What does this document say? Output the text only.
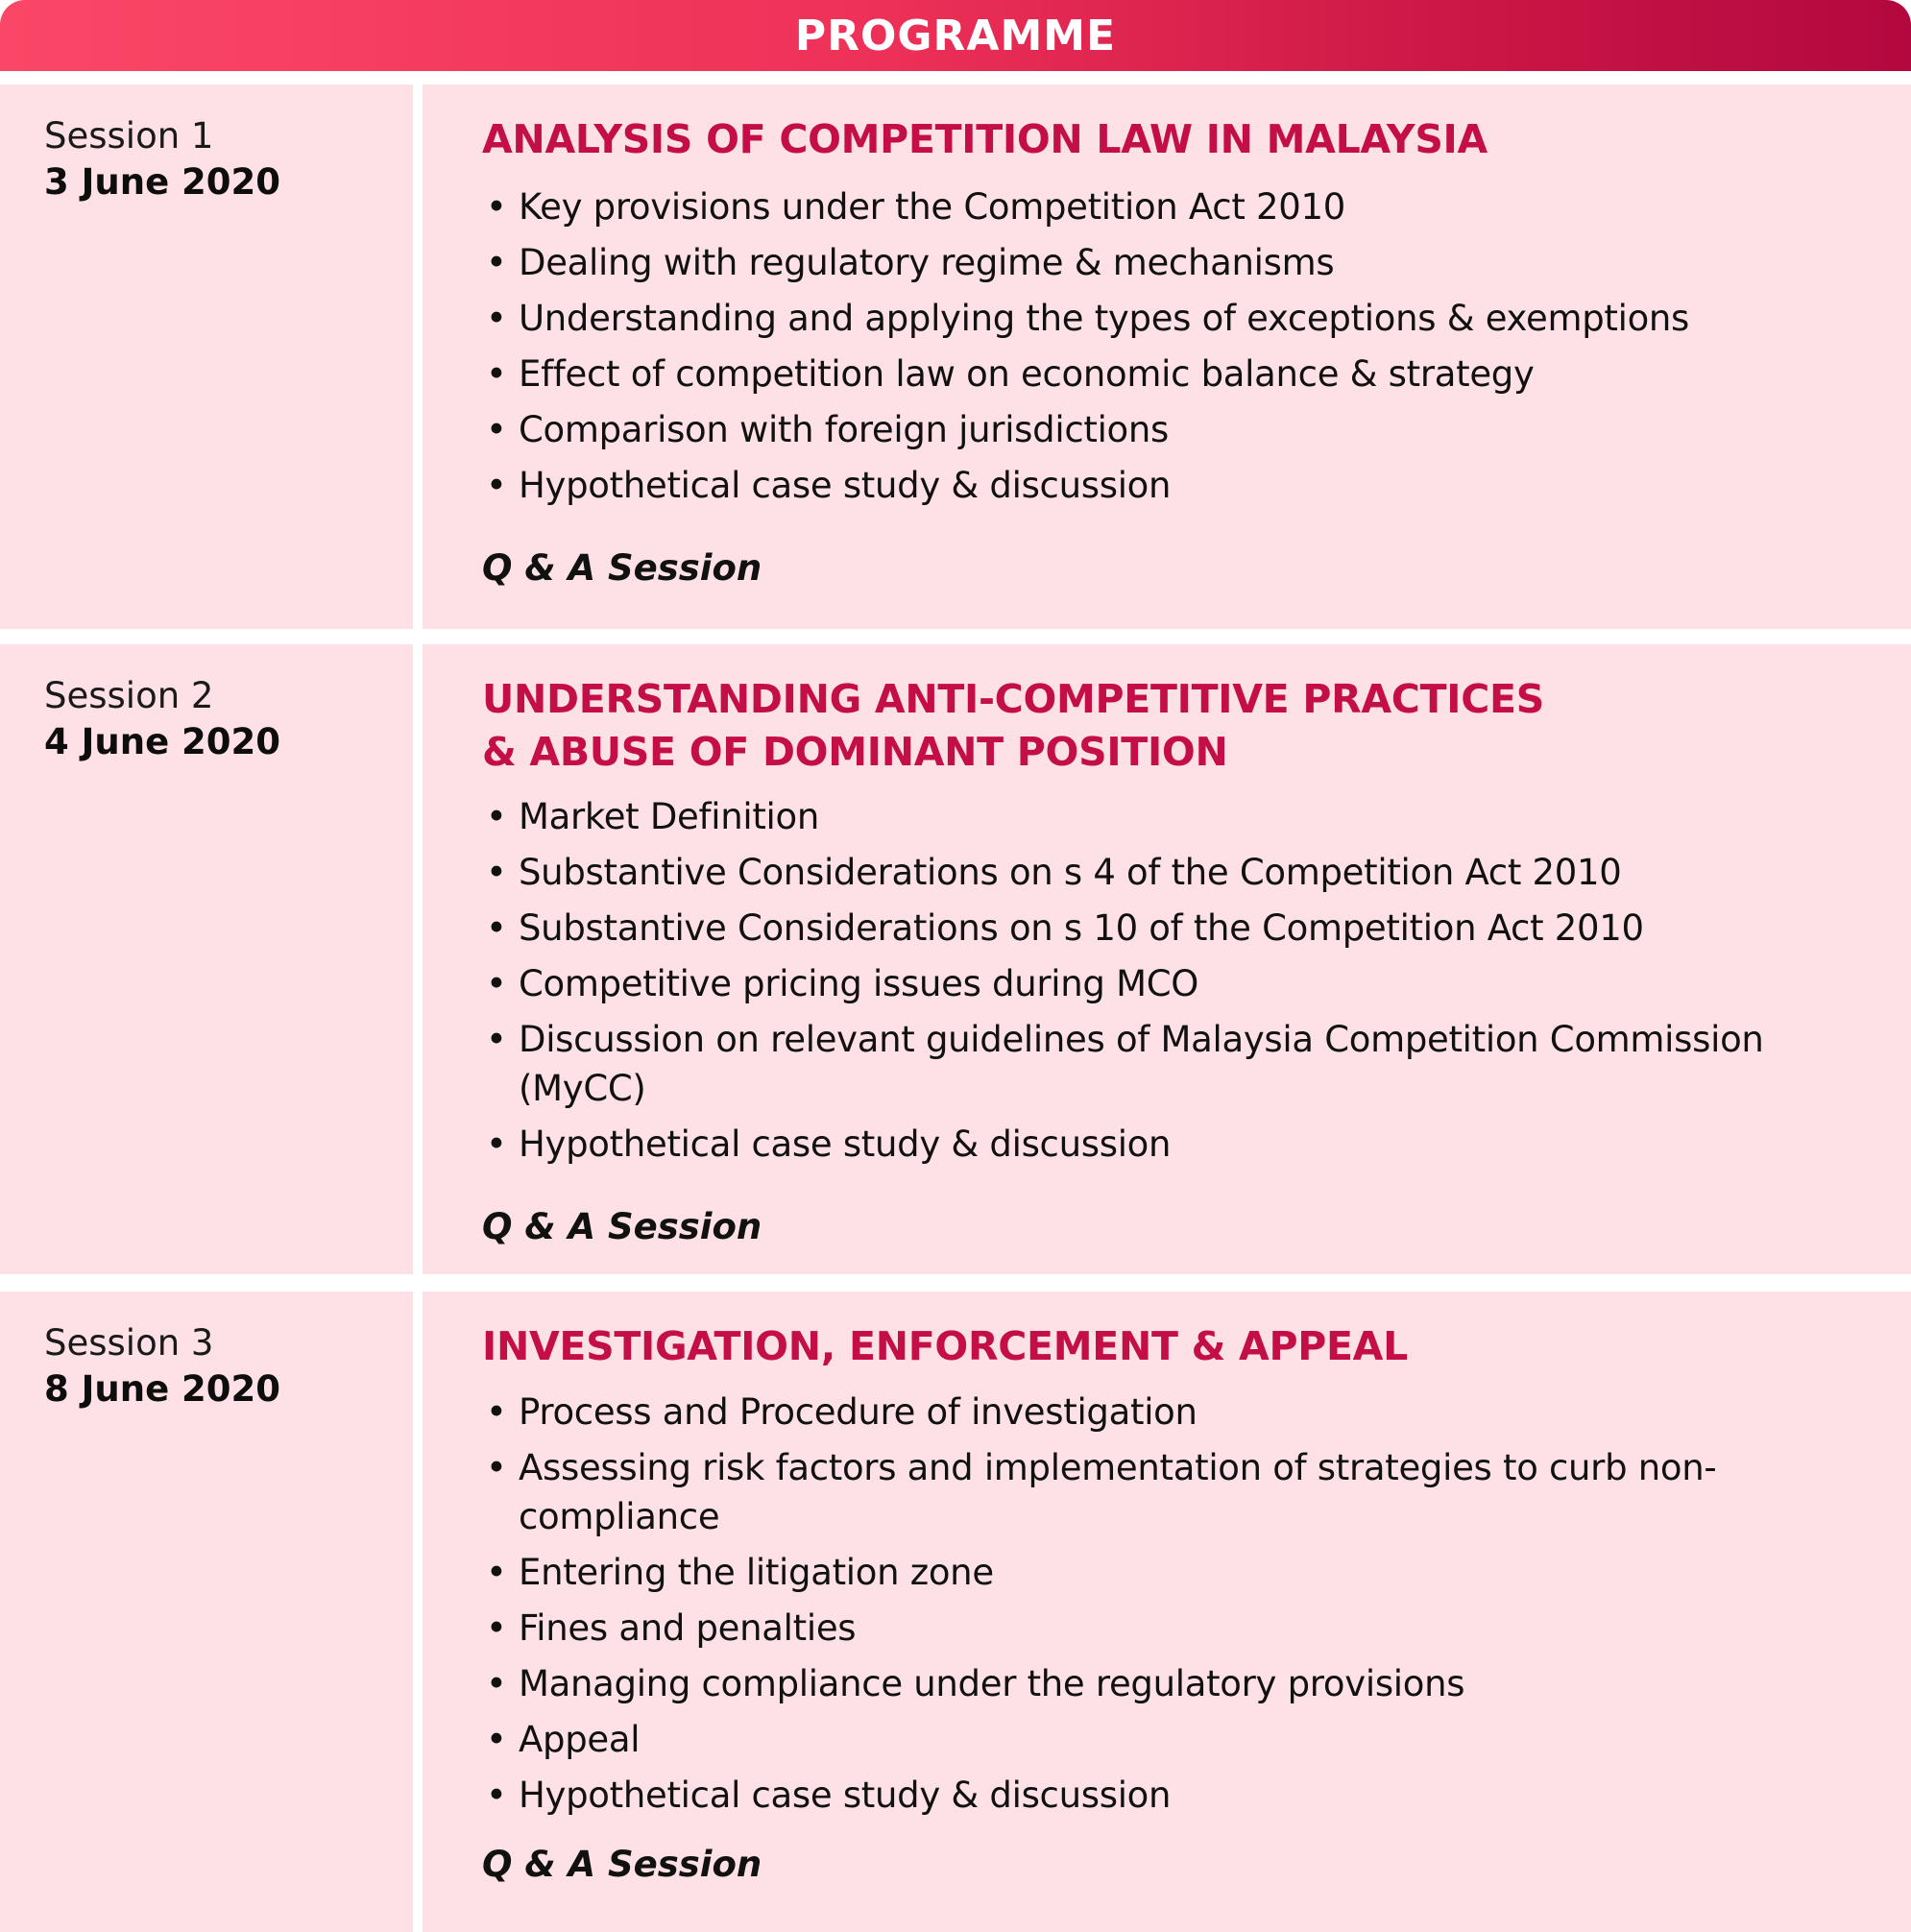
PROGRAMME
Session 1
3 June 2020
ANALYSIS OF COMPETITION LAW IN MALAYSIA
• Key provisions under the Competition Act 2010
• Dealing with regulatory regime & mechanisms
• Understanding and applying the types of exceptions & exemptions
• Effect of competition law on economic balance & strategy
• Comparison with foreign jurisdictions
• Hypothetical case study & discussion
Q & A Session
Session 2
4 June 2020
UNDERSTANDING ANTI-COMPETITIVE PRACTICES
& ABUSE OF DOMINANT POSITION
• Market Definition
• Substantive Considerations on s 4 of the Competition Act 2010
• Substantive Considerations on s 10 of the Competition Act 2010
• Competitive pricing issues during MCO
• Discussion on relevant guidelines of Malaysia Competition Commission (MyCC)
• Hypothetical case study & discussion
Q & A Session
Session 3
8 June 2020
INVESTIGATION, ENFORCEMENT & APPEAL
• Process and Procedure of investigation
• Assessing risk factors and implementation of strategies to curb non-compliance
• Entering the litigation zone
• Fines and penalties
• Managing compliance under the regulatory provisions
• Appeal
• Hypothetical case study & discussion
Q & A Session
